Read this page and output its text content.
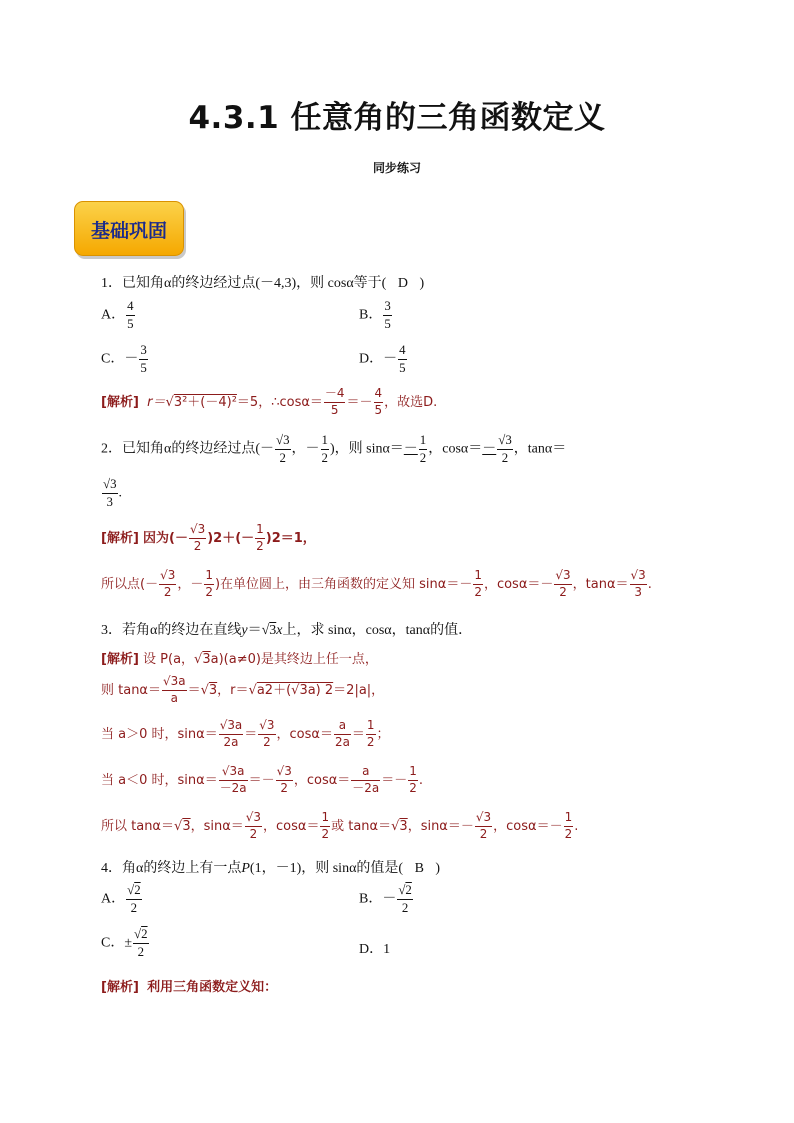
4.3.1 任意角的三角函数定义
同步练习
基础巩固
1．已知角α的终边经过点(－4,3)，则 cosα等于( D )
A． $\frac{4}{5}$	B． $\frac{3}{5}$
C．－ $\frac{3}{5}$	D．－ $\frac{4}{5}$
[解析] r＝√3²＋(－4)²＝5，∴cosα＝ $\frac{-4}{5} =- \frac{4}{5}$ ，故选D.
2．已知角α的终边经过点(－ $\frac{√3}{2}$ ，－ $\frac{1}{2}$ )，则 $\sin\alpha=- \frac{1}{2}$ ，$\cos\alpha=- \frac{√3}{2}$ ，tanα＝
$\frac{√3}{3}$ .
[解析] 因为(－ $\frac{√3}{2} )2+(- \frac{1}{2} )2=1$，
所以点(－ $\frac{√3}{2}$ ，－ $\frac{1}{2}$ )在单位圆上，由三角函数的定义知 $\sin\alpha=- \frac{1}{2}$ ，$\cos\alpha=- \frac{√3}{2}$ ，$\tan\alpha= \frac{√3}{3}$ .
3．若角α的终边在直线y＝√3x上，求 sinα，cosα，tanα的值．
[解析] 设 P(a，√3a)(a≠0)是其终边上任一点，
则 $\tan\alpha= \frac{√3a}{a} =√3$，r＝√a2＋(√3a) 2＝2|a|，
当 a＞0 时，$\sin\alpha= \frac{√3a}{2a} = \frac{√3}{2}$ ，$\cos\alpha= \frac{a}{2a} = \frac{1}{2}$ ；
当 a＜0 时，$\sin\alpha= \frac{√3a}{-2a} =- \frac{√3}{2}$ ，$\cos\alpha= \frac{a}{-2a} =- \frac{1}{2}$ .
所以 tanα＝√3，$\sin\alpha= \frac{√3}{2}$ ，$\cos\alpha= \frac{1}{2}$ 或 tanα＝√3，$\sin\alpha=- \frac{√3}{2}$ ，$\cos\alpha=- \frac{1}{2}$ .
4．角α的终边上有一点P(1，－1)，则 sinα的值是( B )
A． $\frac{√2}{2}$	B．－ $\frac{√2}{2}$
C．± $\frac{√2}{2}$	D．1
[解析] 利用三角函数定义知：
